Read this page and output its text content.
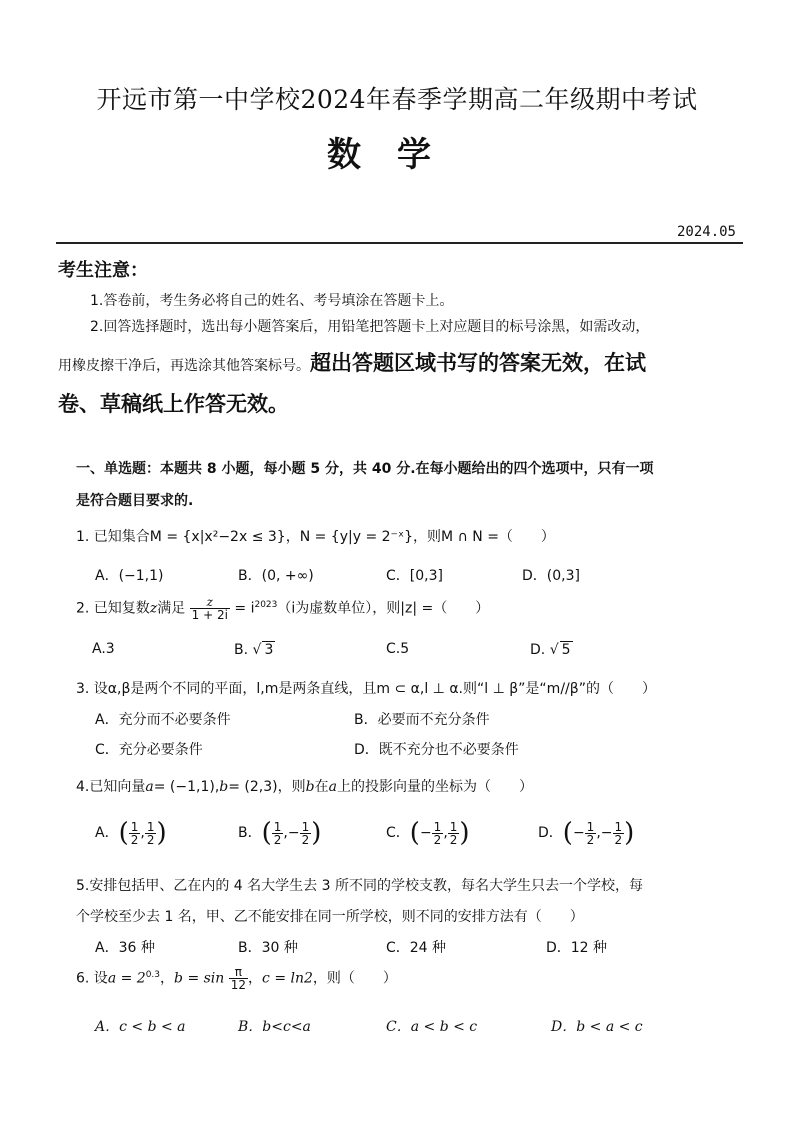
开远市第一中学校2024年春季学期高二年级期中考试
数学
2024.05
考生注意：
1.答卷前，考生务必将自己的姓名、考号填涂在答题卡上。
2.回答选择题时，选出每小题答案后，用铅笔把答题卡上对应题目的标号涂黑，如需改动，
用橡皮擦干净后，再选涂其他答案标号。超出答题区域书写的答案无效，在试
卷、草稿纸上作答无效。
一、单选题：本题共 8 小题，每小题 5 分，共 40 分.在每小题给出的四个选项中，只有一项
是符合题目要求的.
1. 已知集合M = {x|x²−2x ≤ 3}，N = {y|y = 2⁻ˣ}，则M ∩ N =（　　）
A．(−1,1)	B．(0, +∞)	C．[0,3]	D．(0,3]
2. 已知复数z满足 $\frac{z}{1 + 2i} = i^{2023}(i$为虚数单位），则|z| =（　　）
A.3	B. √ 3	C.5	D. √ 5
3. 设α,β是两个不同的平面，l,m是两条直线，且m ⊂ α,l ⊥ α.则“l ⊥ β”是“m//β”的（　　）
A．充分而不必要条件	B．必要而不充分条件
C．充分必要条件	D．既不充分也不必要条件
4.已知向量a= (−1,1),b= (2,3)，则b在a上的投影向量的坐标为（　　）
A．( $\frac{1}{2}$ , $\frac{1}{2}$ )	B．( $\frac{1}{2}$ ,− $\frac{1}{2}$ )	C．(− $\frac{1}{2}$ , $\frac{1}{2}$ )	D．(− $\frac{1}{2}$ ,− $\frac{1}{2}$ )
5.安排包括甲、乙在内的 4 名大学生去 3 所不同的学校支教，每名大学生只去一个学校，每
个学校至少去 1 名，甲、乙不能安排在同一所学校，则不同的安排方法有（　　）
A．36 种	B．30 种	C．24 种	D．12 种
6. 设$a = 2^{0.3}$，$b = \sin \frac{\pi}{12}$ ，c = ln2，则（　　）
A．c < b < a	B．b<c<a	C．a < b < c	D．b < a < c
